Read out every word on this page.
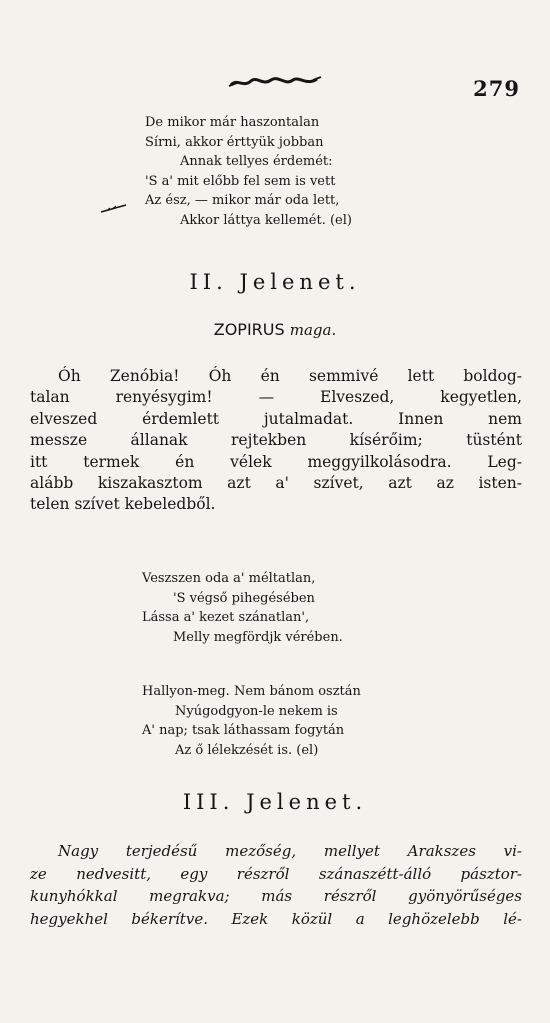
279
De mikor már haszontalan
Sírni, akkor érttyük jobban
Annak tellyes érdemét:
'S a' mit előbb fel sem is vett
Az ész, — mikor már oda lett,
Akkor láttya kellemét. (el)
II. Jelenet.
ZOPIRUS maga.
Óh Zenóbia! Óh én semmivé lett boldog-
talan renyésygim! — Elveszed, kegyetlen,
elveszed érdemlett jutalmadat. Innen nem
messze állanak rejtekben kísérőim; tüstént
itt termek én vélek meggyilkolásodra. Leg-
alább kiszakasztom azt a' szívet, azt az isten-
telen szívet kebeledből.
Veszszen oda a' méltatlan,
'S végső pihegésében
Lássa a' kezet szánatlan',
Melly megfördjk vérében.
Hallyon-meg. Nem bánom osztán
Nyúgodgyon-le nekem is
A' nap; tsak láthassam fogytán
Az ő lélekzését is. (el)
III. Jelenet.
Nagy terjedésű mezőség, mellyet Arakszes vi-
ze nedvesitt, egy részről szánaszétt-álló pásztor-
kunyhókkal megrakva; más részről gyönyörűséges
hegyekhel békerítve. Ezek közül a leghözelebb lé-
